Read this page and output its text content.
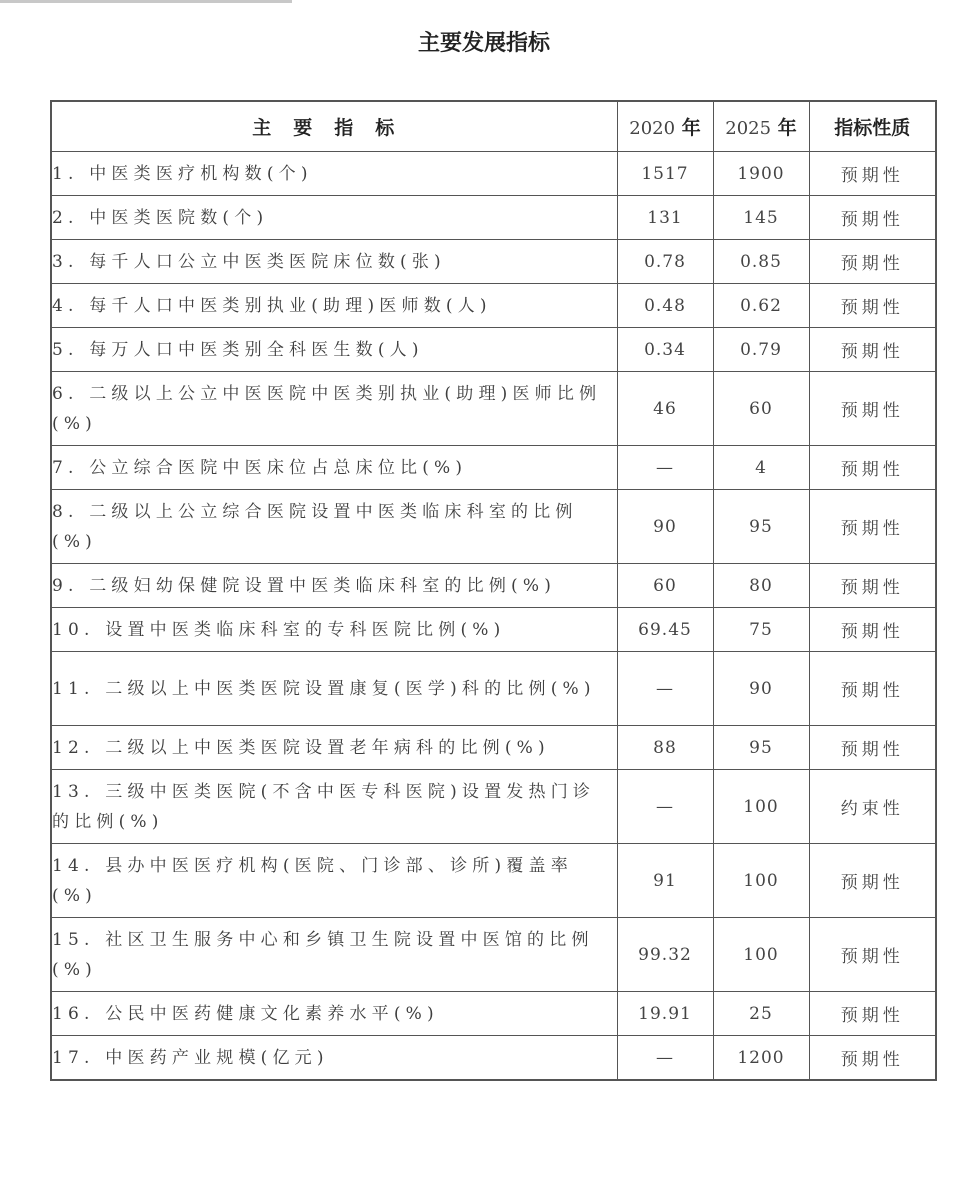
主要发展指标
主要指标	2020 年	2025 年	指标性质
1. 中医类医疗机构数(个)	1517	1900	预期性
2. 中医类医院数(个)	131	145	预期性
3. 每千人口公立中医类医院床位数(张)	0.78	0.85	预期性
4. 每千人口中医类别执业(助理)医师数(人)	0.48	0.62	预期性
5. 每万人口中医类别全科医生数(人)	0.34	0.79	预期性
6. 二级以上公立中医医院中医类别执业(助理)医师比例(%)	46	60	预期性
7. 公立综合医院中医床位占总床位比(%)	—	4	预期性
8. 二级以上公立综合医院设置中医类临床科室的比例(%)	90	95	预期性
9. 二级妇幼保健院设置中医类临床科室的比例(%)	60	80	预期性
10. 设置中医类临床科室的专科医院比例(%)	69.45	75	预期性
11. 二级以上中医类医院设置康复(医学)科的比例(%)	—	90	预期性
12. 二级以上中医类医院设置老年病科的比例(%)	88	95	预期性
13. 三级中医类医院(不含中医专科医院)设置发热门诊的比例(%)	—	100	约束性
14. 县办中医医疗机构(医院、门诊部、诊所)覆盖率(%)	91	100	预期性
15. 社区卫生服务中心和乡镇卫生院设置中医馆的比例(%)	99.32	100	预期性
16. 公民中医药健康文化素养水平(%)	19.91	25	预期性
17. 中医药产业规模(亿元)	—	1200	预期性
